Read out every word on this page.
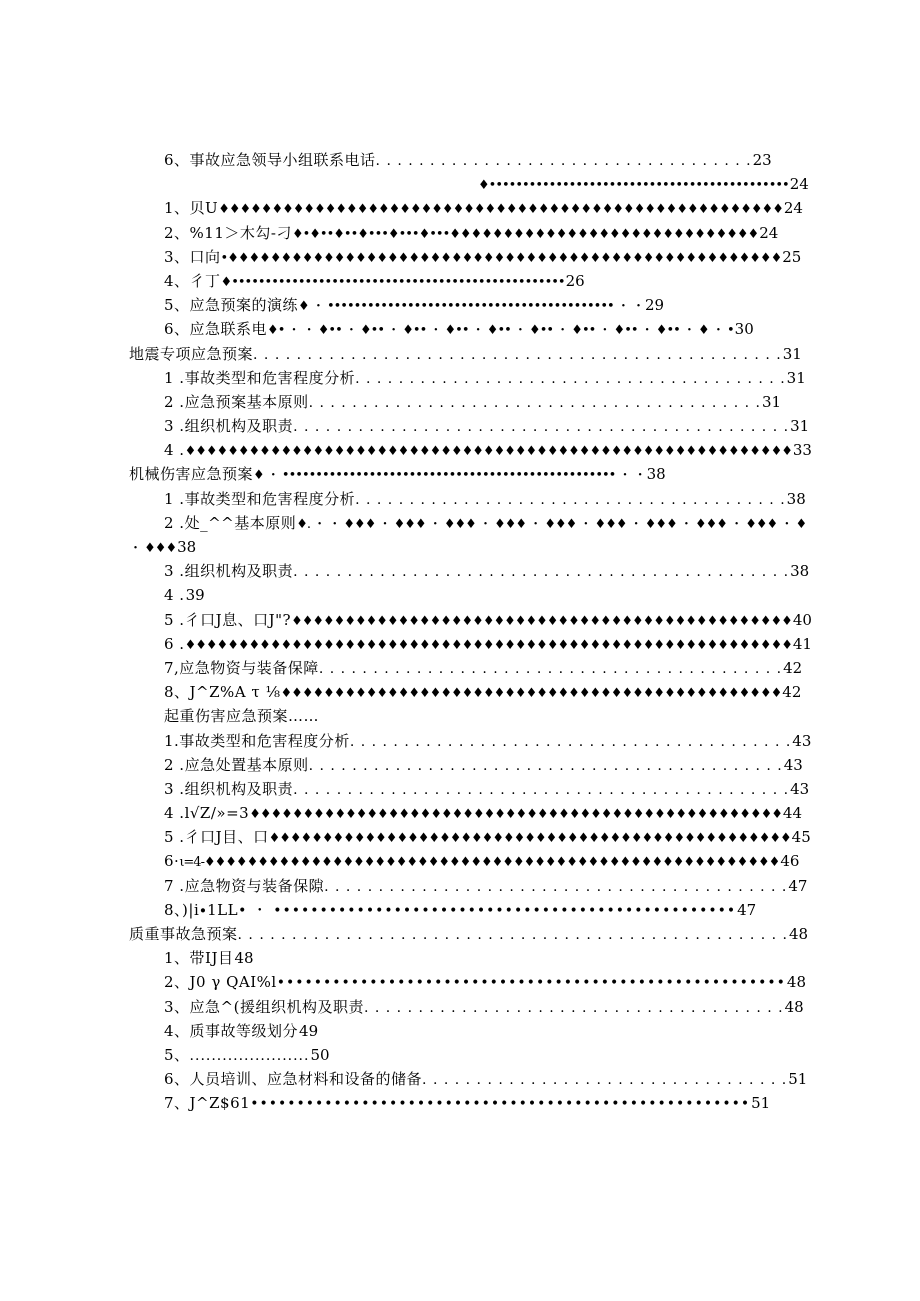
6、事故应急领导小组联系电话. . . . . . . . . . . . . . . . . . . . . . . . . . . . . . . . . . .23
♦•••••••••••••••••••••••••••••••••••••••••••••24
1、贝U♦♦♦♦♦♦♦♦♦♦♦♦♦♦♦♦♦♦♦♦♦♦♦♦♦♦♦♦♦♦♦♦♦♦♦♦♦♦♦♦♦♦♦♦♦♦♦♦♦♦♦♦♦24
2、%11＞木勾-刁♦•♦••♦••♦•••♦•••♦•••♦♦♦♦♦♦♦♦♦♦♦♦♦♦♦♦♦♦♦♦♦♦♦♦♦♦♦♦♦24
3、口向•♦♦♦♦♦♦♦♦♦♦♦♦♦♦♦♦♦♦♦♦♦♦♦♦♦♦♦♦♦♦♦♦♦♦♦♦♦♦♦♦♦♦♦♦♦♦♦♦♦♦♦♦25
4、彳丁♦••••••••••••••••••••••••••••••••••••••••••••••••••26
5、应急预案的演练♦ ・ ••••••••••••••••••••••••••••••••••••••••••• ・ ・29
6、应急联系电♦• ・ ・ ♦•• ・ ♦•• ・ ♦•• ・ ♦•• ・ ♦•• ・ ♦•• ・ ♦•• ・ ♦•• ・ ♦•• ・ ♦ ・ •30
地震专项应急预案. . . . . . . . . . . . . . . . . . . . . . . . . . . . . . . . . . . . . . . . . . . . . . . . .31
1 .事故类型和危害程度分析. . . . . . . . . . . . . . . . . . . . . . . . . . . . . . . . . . . . . . . .31
2 .应急预案基本原则. . . . . . . . . . . . . . . . . . . . . . . . . . . . . . . . . . . . . . . . . .31
3 .组织机构及职责. . . . . . . . . . . . . . . . . . . . . . . . . . . . . . . . . . . . . . . . . . . . . .31
4 .♦♦♦♦♦♦♦♦♦♦♦♦♦♦♦♦♦♦♦♦♦♦♦♦♦♦♦♦♦♦♦♦♦♦♦♦♦♦♦♦♦♦♦♦♦♦♦♦♦♦♦♦♦♦♦♦♦33
机械伤害应急预案♦ ・ •••••••••••••••••••••••••••••••••••••••••••••••••• ・ ・38
1 .事故类型和危害程度分析. . . . . . . . . . . . . . . . . . . . . . . . . . . . . . . . . . . . . . . .38
2 .处_^^基本原则♦. ・ ・ ♦♦♦ ・ ♦♦♦ ・ ♦♦♦ ・ ♦♦♦ ・ ♦♦♦ ・ ♦♦♦ ・ ♦♦♦ ・ ♦♦♦ ・ ♦♦♦ ・ ♦
・ ♦♦♦38
3 .组织机构及职责. . . . . . . . . . . . . . . . . . . . . . . . . . . . . . . . . . . . . . . . . . . . . .38
4 .39
5 .彳口J息、口J"?♦♦♦♦♦♦♦♦♦♦♦♦♦♦♦♦♦♦♦♦♦♦♦♦♦♦♦♦♦♦♦♦♦♦♦♦♦♦♦♦♦♦♦♦♦♦♦40
6 .♦♦♦♦♦♦♦♦♦♦♦♦♦♦♦♦♦♦♦♦♦♦♦♦♦♦♦♦♦♦♦♦♦♦♦♦♦♦♦♦♦♦♦♦♦♦♦♦♦♦♦♦♦♦♦♦♦41
7,应急物资与装备保障. . . . . . . . . . . . . . . . . . . . . . . . . . . . . . . . . . . . . . . . . . .42
8、J^Z%A τ ⅛♦♦♦♦♦♦♦♦♦♦♦♦♦♦♦♦♦♦♦♦♦♦♦♦♦♦♦♦♦♦♦♦♦♦♦♦♦♦♦♦♦♦♦♦♦♦♦42
起重伤害应急预案……
1.事故类型和危害程度分析. . . . . . . . . . . . . . . . . . . . . . . . . . . . . . . . . . . . . . . . .43
2 .应急处置基本原则. . . . . . . . . . . . . . . . . . . . . . . . . . . . . . . . . . . . . . . . . . . .43
3 .组织机构及职责. . . . . . . . . . . . . . . . . . . . . . . . . . . . . . . . . . . . . . . . . . . . . .43
4 .l√Z/»=3♦♦♦♦♦♦♦♦♦♦♦♦♦♦♦♦♦♦♦♦♦♦♦♦♦♦♦♦♦♦♦♦♦♦♦♦♦♦♦♦♦♦♦♦♦♦♦♦♦♦44
5 .彳口J目、口♦♦♦♦♦♦♦♦♦♦♦♦♦♦♦♦♦♦♦♦♦♦♦♦♦♦♦♦♦♦♦♦♦♦♦♦♦♦♦♦♦♦♦♦♦♦♦♦♦45
6·ι=4-♦♦♦♦♦♦♦♦♦♦♦♦♦♦♦♦♦♦♦♦♦♦♦♦♦♦♦♦♦♦♦♦♦♦♦♦♦♦♦♦♦♦♦♦♦♦♦♦♦♦♦♦♦♦46
7 .应急物资与装备保隙. . . . . . . . . . . . . . . . . . . . . . . . . . . . . . . . . . . . . . . . . . .47
8、)|i∙1LL• ・ ••••••••••••••••••••••••••••••••••••••••••••••••••47
质重事故急预案. . . . . . . . . . . . . . . . . . . . . . . . . . . . . . . . . . . . . . . . . . . . . . . . . . .48
1、带IJ目48
2、J0 γ QAI%l•••••••••••••••••••••••••••••••••••••••••••••••••••••••48
3、应急^(援组织机构及职责. . . . . . . . . . . . . . . . . . . . . . . . . . . . . . . . . . . . . . .48
4、质事故等级划分49
5、......................50
6、人员培训、应急材料和设备的储备. . . . . . . . . . . . . . . . . . . . . . . . . . . . . . . . . .51
7、J^Z$61••••••••••••••••••••••••••••••••••••••••••••••••••••••51
